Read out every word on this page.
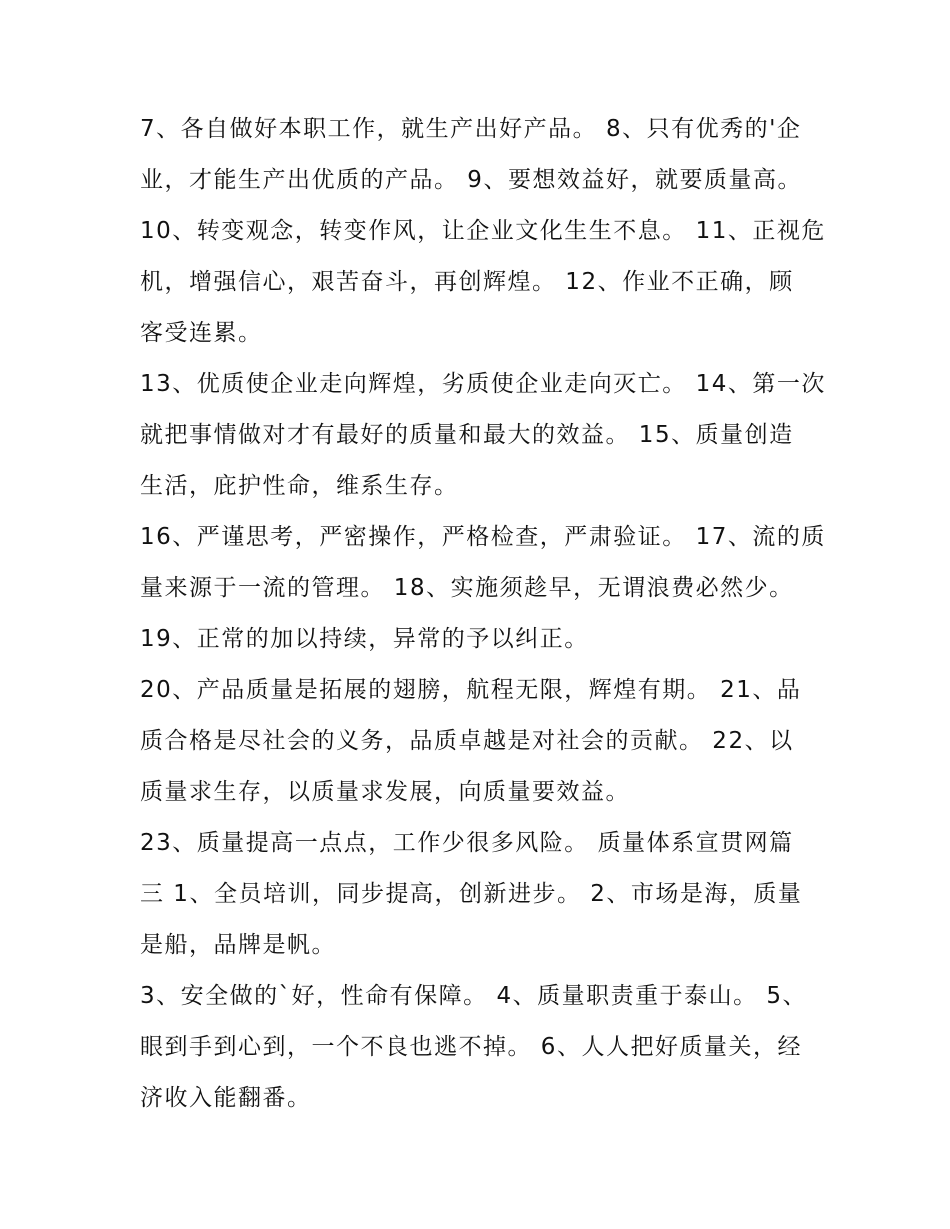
7、各自做好本职工作，就生产出好产品。 8、只有优秀的'企
业，才能生产出优质的产品。 9、要想效益好，就要质量高。
10、转变观念，转变作风，让企业文化生生不息。 11、正视危
机，增强信心，艰苦奋斗，再创辉煌。 12、作业不正确，顾
客受连累。
13、优质使企业走向辉煌，劣质使企业走向灭亡。 14、第一次
就把事情做对才有最好的质量和最大的效益。 15、质量创造
生活，庇护性命，维系生存。
16、严谨思考，严密操作，严格检查，严肃验证。 17、流的质
量来源于一流的管理。 18、实施须趁早，无谓浪费必然少。
19、正常的加以持续，异常的予以纠正。
20、产品质量是拓展的翅膀，航程无限，辉煌有期。 21、品
质合格是尽社会的义务，品质卓越是对社会的贡献。 22、以
质量求生存，以质量求发展，向质量要效益。
23、质量提高一点点，工作少很多风险。 质量体系宣贯网篇
三 1、全员培训，同步提高，创新进步。 2、市场是海，质量
是船，品牌是帆。
3、安全做的`好，性命有保障。 4、质量职责重于泰山。 5、
眼到手到心到，一个不良也逃不掉。 6、人人把好质量关，经
济收入能翻番。
